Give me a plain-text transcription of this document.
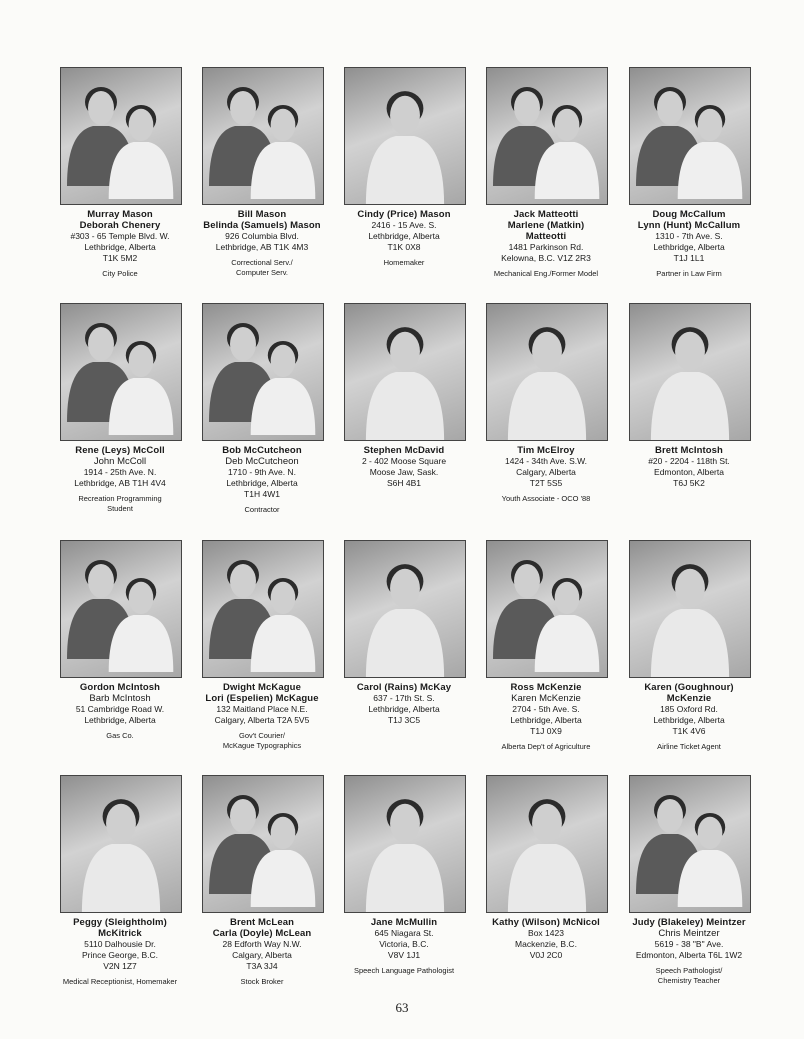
Murray Mason
Deborah Chenery
#303 - 65 Temple Blvd. W.
Lethbridge, Alberta
T1K 5M2
City Police
Bill Mason
Belinda (Samuels) Mason
926 Columbia Blvd.
Lethbridge, AB T1K 4M3
Correctional Serv./
Computer Serv.
Cindy (Price) Mason
2416 - 15 Ave. S.
Lethbridge, Alberta
T1K 0X8
Homemaker
Jack Matteotti
Marlene (Matkin)
Matteotti
1481 Parkinson Rd.
Kelowna, B.C. V1Z 2R3
Mechanical Eng./Former Model
Doug McCallum
Lynn (Hunt) McCallum
1310 - 7th Ave. S.
Lethbridge, Alberta
T1J 1L1
Partner in Law Firm
Rene (Leys) McColl
John McColl
1914 - 25th Ave. N.
Lethbridge, AB T1H 4V4
Recreation Programming
Student
Bob McCutcheon
Deb McCutcheon
1710 - 9th Ave. N.
Lethbridge, Alberta
T1H 4W1
Contractor
Stephen McDavid
2 - 402 Moose Square
Moose Jaw, Sask.
S6H 4B1
Tim McElroy
1424 - 34th Ave. S.W.
Calgary, Alberta
T2T 5S5
Youth Associate - OCO '88
Brett McIntosh
#20 - 2204 - 118th St.
Edmonton, Alberta
T6J 5K2
Gordon McIntosh
Barb McIntosh
51 Cambridge Road W.
Lethbridge, Alberta
Gas Co.
Dwight McKague
Lori (Espelien) McKague
132 Maitland Place N.E.
Calgary, Alberta T2A 5V5
Gov't Courier/
McKague Typographics
Carol (Rains) McKay
637 - 17th St. S.
Lethbridge, Alberta
T1J 3C5
Ross McKenzie
Karen McKenzie
2704 - 5th Ave. S.
Lethbridge, Alberta
T1J 0X9
Alberta Dep't of Agriculture
Karen (Goughnour)
McKenzie
185 Oxford Rd.
Lethbridge, Alberta
T1K 4V6
Airline Ticket Agent
Peggy (Sleightholm)
McKitrick
5110 Dalhousie Dr.
Prince George, B.C.
V2N 1Z7
Medical Receptionist, Homemaker
Brent McLean
Carla (Doyle) McLean
28 Edforth Way N.W.
Calgary, Alberta
T3A 3J4
Stock Broker
Jane McMullin
645 Niagara St.
Victoria, B.C.
V8V 1J1
Speech Language Pathologist
Kathy (Wilson) McNicol
Box 1423
Mackenzie, B.C.
V0J 2C0
Judy (Blakeley) Meintzer
Chris Meintzer
5619 - 38 "B" Ave.
Edmonton, Alberta T6L 1W2
Speech Pathologist/
Chemistry Teacher
63
